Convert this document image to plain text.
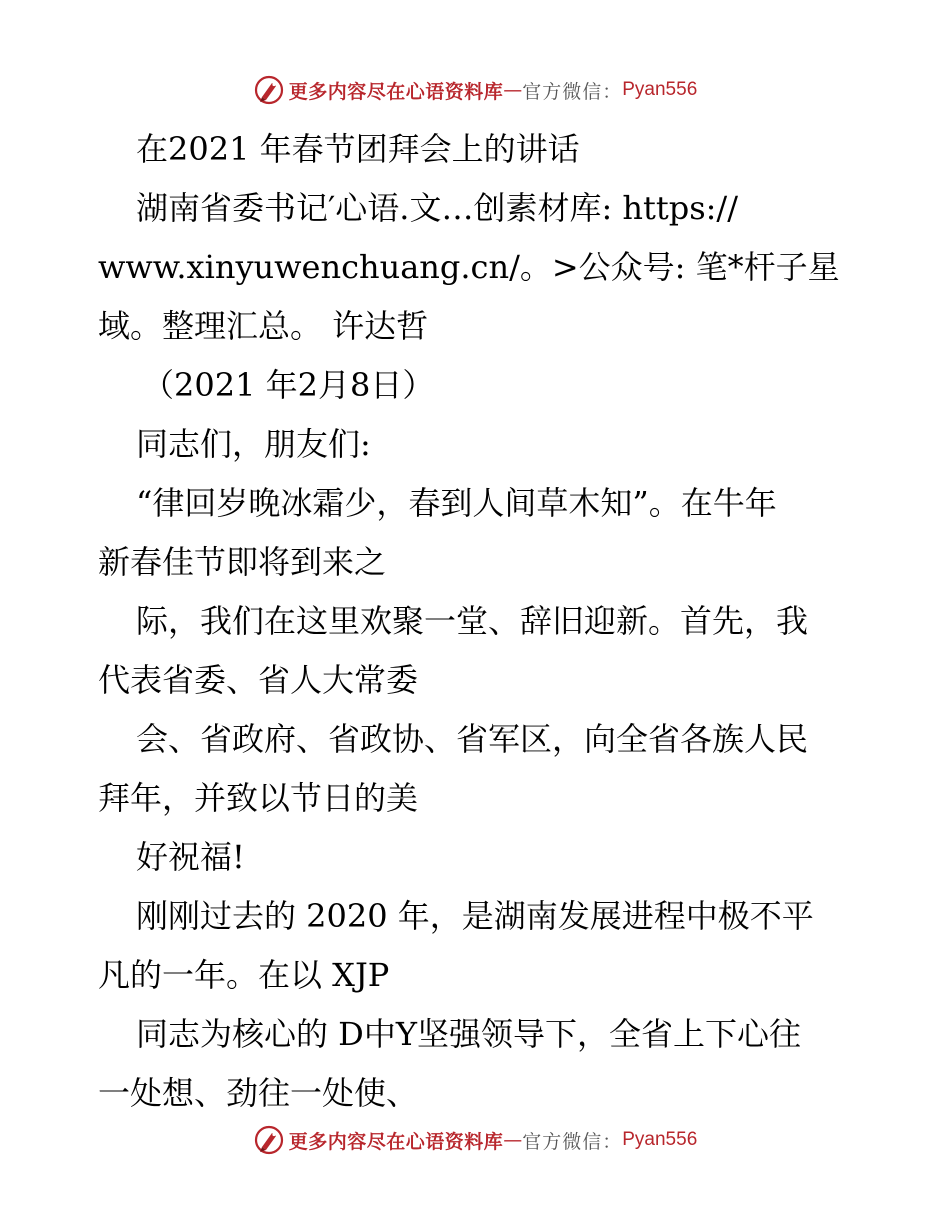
更多内容尽在心语资料库 — 官方微信： Pyan556
在2021 年春节团拜会上的讲话
湖南省委书记′心语.文…创素材库: https://
www.xinyuwenchuang.cn/。>公众号: 笔*杆子星
域。整理汇总。 许达哲
（2021 年2月8日）
同志们，朋友们:
“律回岁晚冰霜少，春到人间草木知”。在牛年
新春佳节即将到来之
际，我们在这里欢聚一堂、辞旧迎新。首先，我
代表省委、省人大常委
会、省政府、省政协、省军区，向全省各族人民
拜年，并致以节日的美
好祝福!
刚刚过去的 2020 年，是湖南发展进程中极不平
凡的一年。在以 XJP
同志为核心的 D中Y坚强领导下，全省上下心往
一处想、劲往一处使、
更多内容尽在心语资料库 — 官方微信： Pyan556
